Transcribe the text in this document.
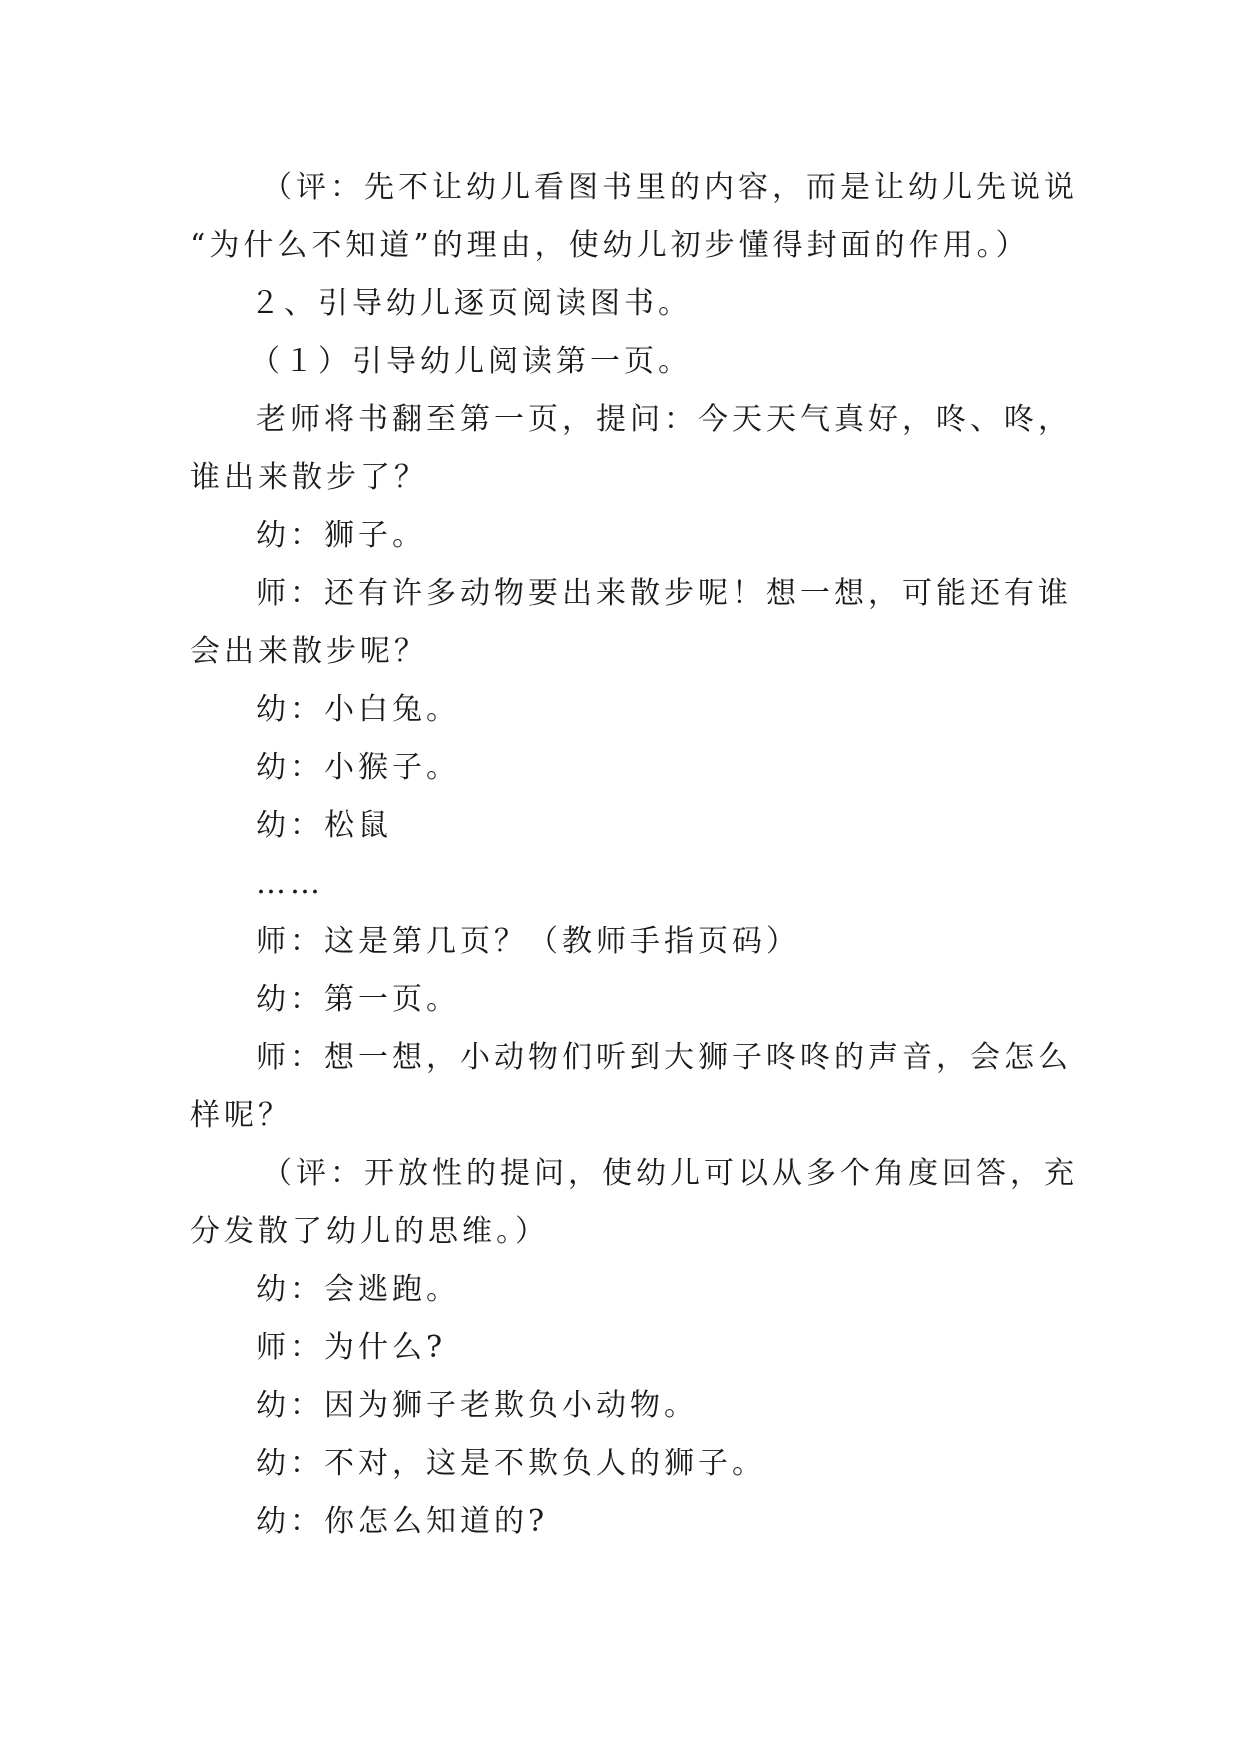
（评：先不让幼儿看图书里的内容，而是让幼儿先说说
“为什么不知道”的理由，使幼儿初步懂得封面的作用。）
２、引导幼儿逐页阅读图书。
（１）引导幼儿阅读第一页。
老师将书翻至第一页，提问：今天天气真好，咚、咚，
谁出来散步了？
幼：狮子。
师：还有许多动物要出来散步呢！想一想，可能还有谁
会出来散步呢？
幼：小白兔。
幼：小猴子。
幼：松鼠
……
师：这是第几页？（教师手指页码）
幼：第一页。
师：想一想，小动物们听到大狮子咚咚的声音，会怎么
样呢？
（评：开放性的提问，使幼儿可以从多个角度回答，充
分发散了幼儿的思维。）
幼：会逃跑。
师：为什么?
幼：因为狮子老欺负小动物。
幼：不对，这是不欺负人的狮子。
幼：你怎么知道的?
